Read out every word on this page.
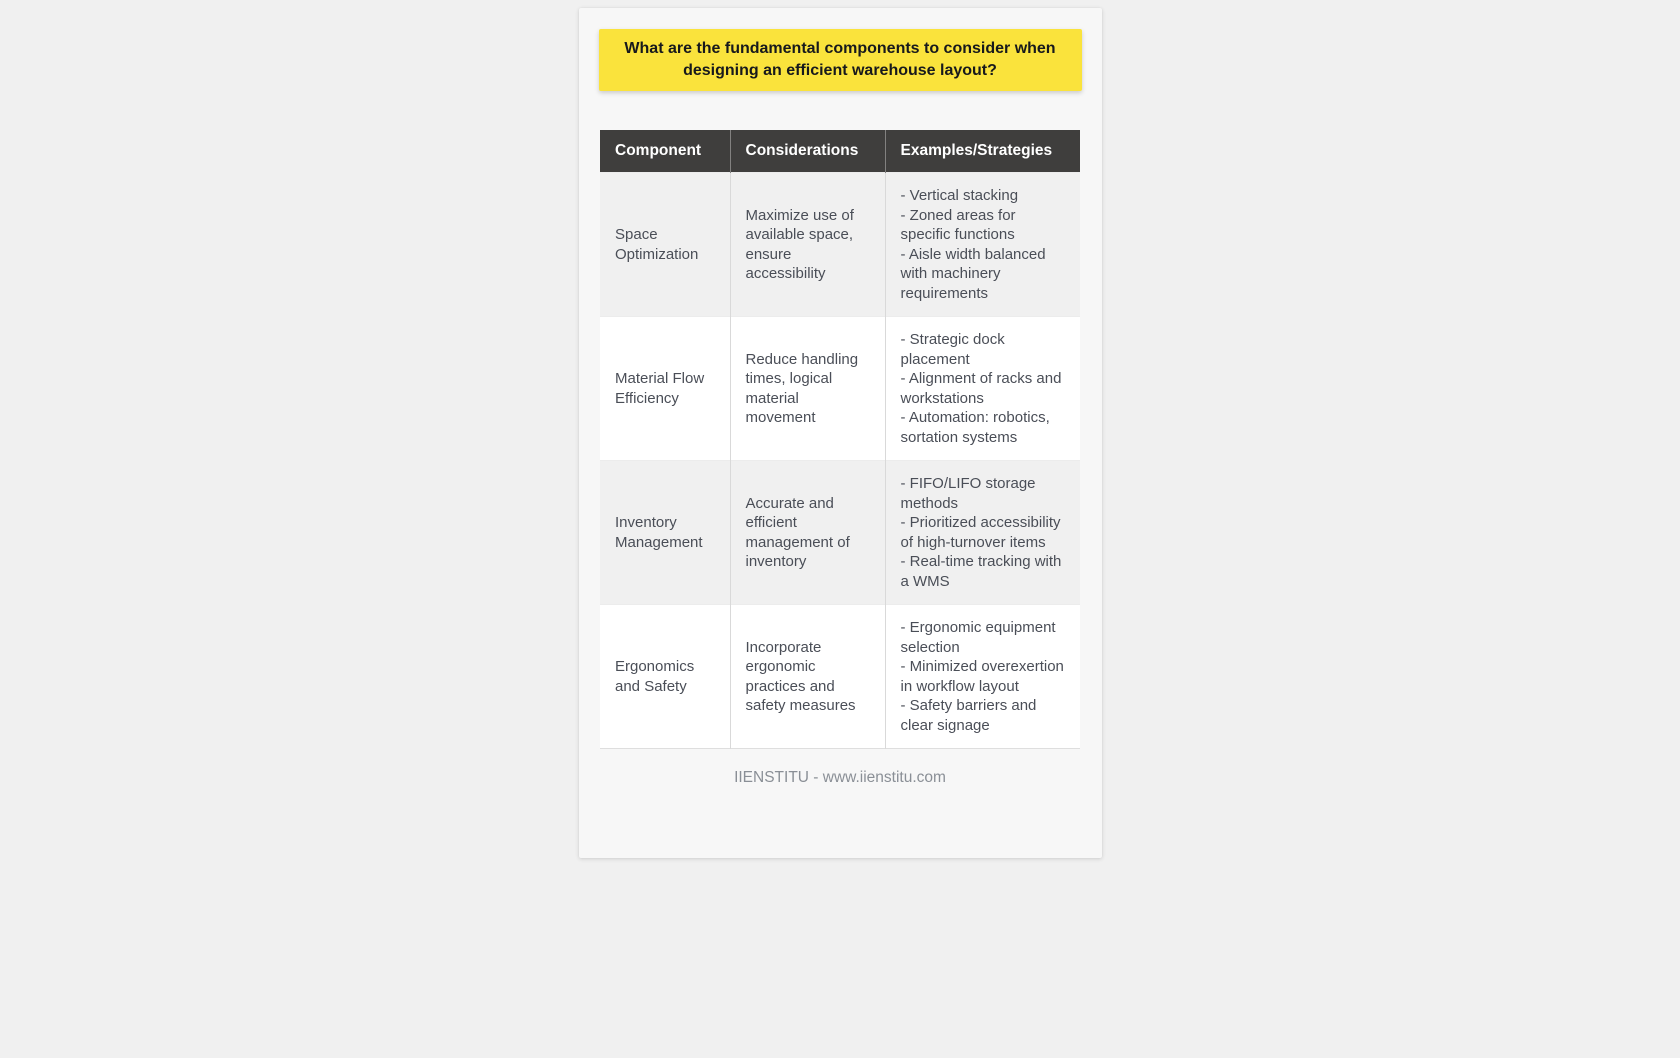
What are the fundamental components to consider when designing an efficient warehouse layout?
Component	Considerations	Examples/Strategies
Space Optimization	Maximize use of available space, ensure accessibility	- Vertical stacking
- Zoned areas for specific functions
- Aisle width balanced with machinery requirements

Material Flow Efficiency	Reduce handling times, logical material movement	- Strategic dock placement
- Alignment of racks and workstations
- Automation: robotics, sortation systems

Inventory Management	Accurate and efficient management of inventory	- FIFO/LIFO storage methods
- Prioritized accessibility of high-turnover items
- Real-time tracking with a WMS

Ergonomics and Safety	Incorporate ergonomic practices and safety measures	- Ergonomic equipment selection
- Minimized overexertion in workflow layout
- Safety barriers and clear signage
IIENSTITU - www.iienstitu.com
